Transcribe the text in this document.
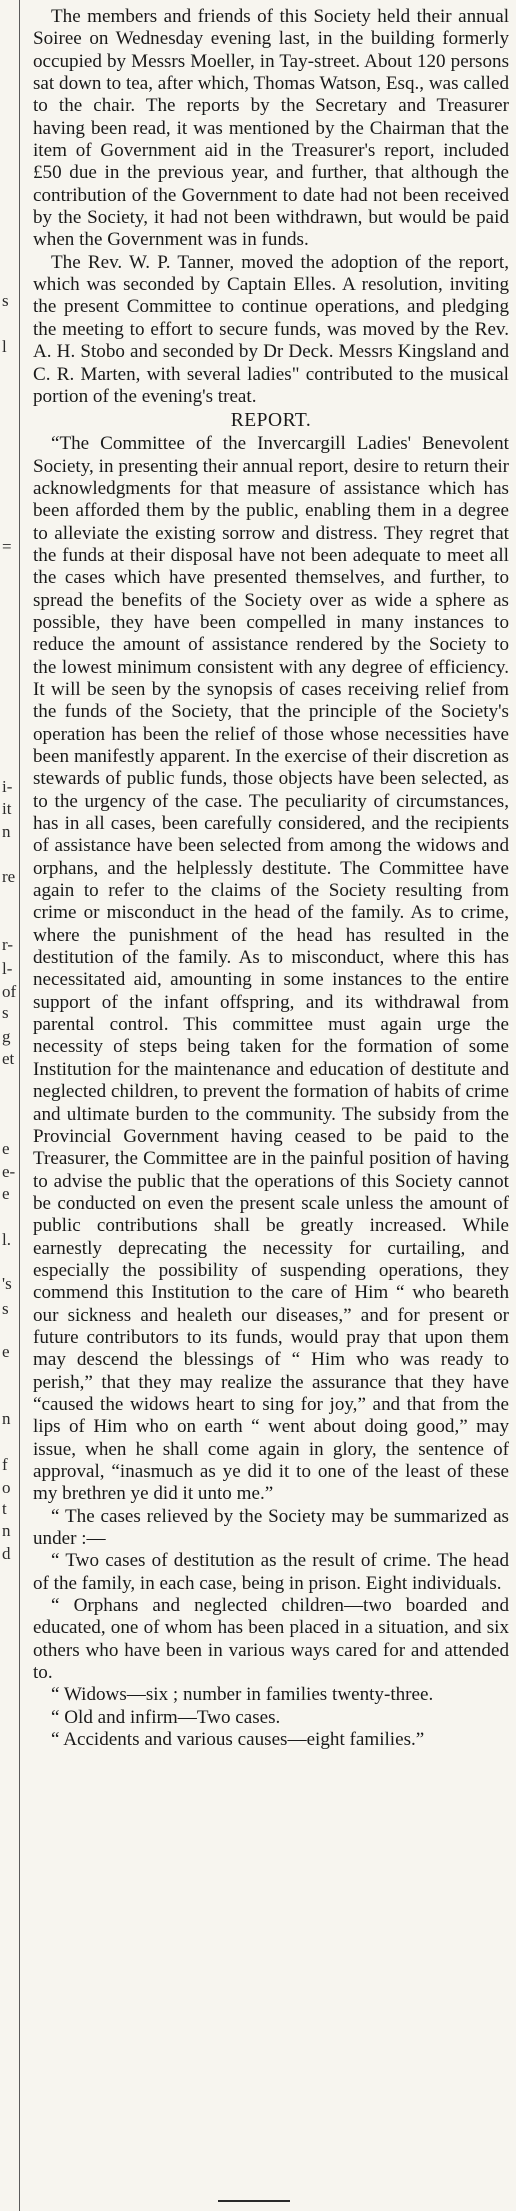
s
l
=
i-
it
n
re
r-
l-
of
s
g
et
e
e-
e
l.
's
s
e
n
f
o
t
n
d

The members and friends of this Society held their annual Soiree on Wednesday evening last, in the building formerly occupied by Messrs Moeller, in Tay-street. About 120 persons sat down to tea, after which, Thomas Watson, Esq., was called to the chair. The reports by the Secretary and Treasurer having been read, it was mentioned by the Chairman that the item of Government aid in the Treasurer's report, included £50 due in the previous year, and further, that although the contribution of the Government to date had not been received by the Society, it had not been withdrawn, but would be paid when the Government was in funds.

The Rev. W. P. Tanner, moved the adoption of the report, which was seconded by Captain Elles. A resolution, inviting the present Committee to continue operations, and pledging the meeting to effort to secure funds, was moved by the Rev. A. H. Stobo and seconded by Dr Deck. Messrs Kingsland and C. R. Marten, with several ladies" contributed to the musical portion of the evening's treat.

REPORT.

“The Committee of the Invercargill Ladies' Benevolent Society, in presenting their annual report, desire to return their acknowledgments for that measure of assistance which has been afforded them by the public, enabling them in a degree to alleviate the existing sorrow and distress. They regret that the funds at their disposal have not been adequate to meet all the cases which have presented themselves, and further, to spread the benefits of the Society over as wide a sphere as possible, they have been compelled in many instances to reduce the amount of assistance rendered by the Society to the lowest minimum consistent with any degree of efficiency. It will be seen by the synopsis of cases receiving relief from the funds of the Society, that the principle of the Society's operation has been the relief of those whose necessities have been manifestly apparent. In the exercise of their discretion as stewards of public funds, those objects have been selected, as to the urgency of the case. The peculiarity of circumstances, has in all cases, been carefully considered, and the recipients of assistance have been selected from among the widows and orphans, and the helplessly destitute. The Committee have again to refer to the claims of the Society resulting from crime or misconduct in the head of the family. As to crime, where the punishment of the head has resulted in the destitution of the family. As to misconduct, where this has necessitated aid, amounting in some instances to the entire support of the infant offspring, and its withdrawal from parental control. This committee must again urge the necessity of steps being taken for the formation of some Institution for the maintenance and education of destitute and neglected children, to prevent the formation of habits of crime and ultimate burden to the community. The subsidy from the Provincial Government having ceased to be paid to the Treasurer, the Committee are in the painful position of having to advise the public that the operations of this Society cannot be conducted on even the present scale unless the amount of public contributions shall be greatly increased. While earnestly deprecating the necessity for curtailing, and especially the possibility of suspending operations, they commend this Institution to the care of Him “ who beareth our sickness and healeth our diseases,” and for present or future contributors to its funds, would pray that upon them may descend the blessings of “ Him who was ready to perish,” that they may realize the assurance that they have “caused the widows heart to sing for joy,” and that from the lips of Him who on earth “ went about doing good,” may issue, when he shall come again in glory, the sentence of approval, “inasmuch as ye did it to one of the least of these my brethren ye did it unto me.”

“ The cases relieved by the Society may be summarized as under :—

“ Two cases of destitution as the result of crime. The head of the family, in each case, being in prison. Eight individuals.

“ Orphans and neglected children—two boarded and educated, one of whom has been placed in a situation, and six others who have been in various ways cared for and attended to.

“ Widows—six ; number in families twenty-three.

“ Old and infirm—Two cases.

“ Accidents and various causes—eight families.”
